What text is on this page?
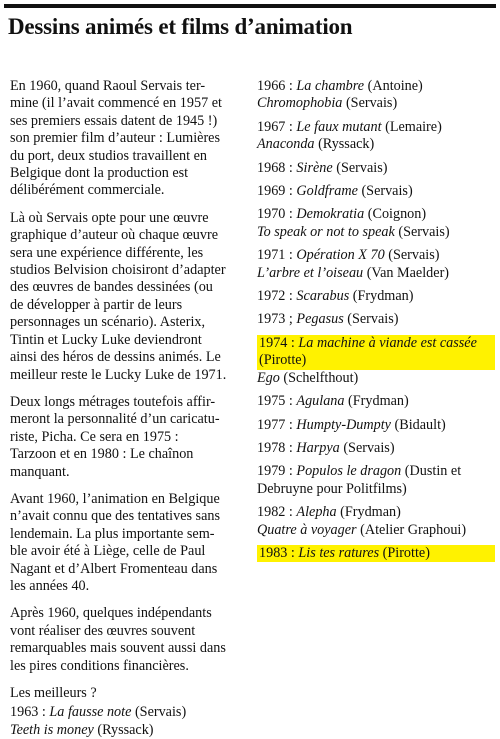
Dessins animés et films d’animation

En 1960, quand Raoul Servais ter-
mine (il l’avait commencé en 1957 et
ses premiers essais datent de 1945 !)
son premier film d’auteur : Lumières
du port, deux studios travaillent en
Belgique dont la production est
délibérément commerciale.

Là où Servais opte pour une œuvre
graphique d’auteur où chaque œuvre
sera une expérience différente, les
studios Belvision choisiront d’adapter
des œuvres de bandes dessinées (ou
de développer à partir de leurs
personnages un scénario). Asterix,
Tintin et Lucky Luke deviendront
ainsi des héros de dessins animés. Le
meilleur reste le Lucky Luke de 1971.

Deux longs métrages toutefois affir-
meront la personnalité d’un caricatu-
riste, Picha. Ce sera en 1975 :
Tarzoon et en 1980 : Le chaînon
manquant.

Avant 1960, l’animation en Belgique
n’avait connu que des tentatives sans
lendemain. La plus importante sem-
ble avoir été à Liège, celle de Paul
Nagant et d’Albert Fromenteau dans
les années 40.

Après 1960, quelques indépendants
vont réaliser des œuvres souvent
remarquables mais souvent aussi dans
les pires conditions financières.

Les meilleurs ?

1963 : La fausse note (Servais)
Teeth is money (Ryssack)
1966 : La chambre (Antoine)
Chromophobia (Servais)
1967 : Le faux mutant (Lemaire)
Anaconda (Ryssack)
1968 : Sirène (Servais)
1969 : Goldframe (Servais)
1970 : Demokratia (Coignon)
To speak or not to speak (Servais)
1971 : Opération X 70 (Servais)
L’arbre et l’oiseau (Van Maelder)
1972 : Scarabus (Frydman)
1973 ; Pegasus (Servais)
1974 : La machine à viande est cassée
(Pirotte)
Ego (Schelfthout)
1975 : Agulana (Frydman)
1977 : Humpty-Dumpty (Bidault)
1978 : Harpya (Servais)
1979 : Populos le dragon (Dustin et
Debruyne pour Politfilms)
1982 : Alepha (Frydman)
Quatre à voyager (Atelier Graphoui)
1983 : Lis tes ratures (Pirotte)
